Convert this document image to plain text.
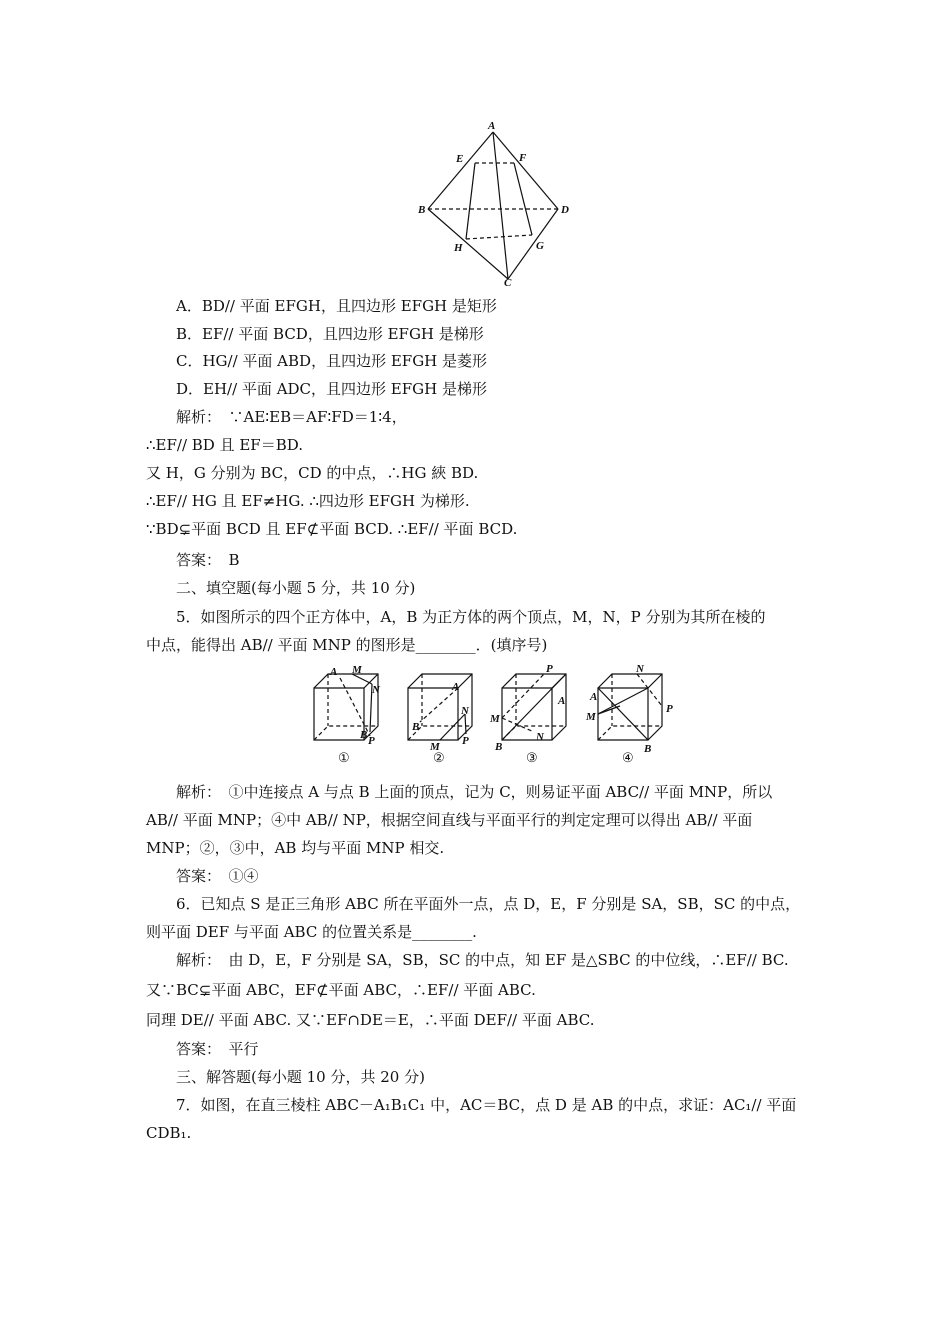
A
E	F
B	D
H	G
C
A．BD// 平面 EFGH，且四边形 EFGH 是矩形
B．EF// 平面 BCD，且四边形 EFGH 是梯形
C．HG// 平面 ABD，且四边形 EFGH 是菱形
D．EH// 平面 ADC，且四边形 EFGH 是梯形
解析：　∵AE∶EB＝AF∶FD＝1∶4，
∴EF// BD 且 EF＝BD.
又 H，G 分别为 BC，CD 的中点，∴HG 綊 BD.
∴EF// HG 且 EF≠HG. ∴四边形 EFGH 为梯形.
∵BD⊊平面 BCD 且 EF⊄平面 BCD. ∴EF// 平面 BCD.
答案：　B
二、填空题(每小题 5 分，共 10 分)
5．如图所示的四个正方体中，A，B 为正方体的两个顶点，M，N，P 分别为其所在棱的
中点，能得出 AB// 平面 MNP 的图形是________．(填序号)
A M
N
P
B
①
A
B
M
N
P
②
P
A
M
N
B
③
A
N
M
P
B
④
解析：　①中连接点 A 与点 B 上面的顶点，记为 C，则易证平面 ABC// 平面 MNP，所以
AB// 平面 MNP；④中 AB// NP，根据空间直线与平面平行的判定定理可以得出 AB// 平面
MNP；②，③中，AB 均与平面 MNP 相交.
答案：　①④
6．已知点 S 是正三角形 ABC 所在平面外一点，点 D，E，F 分别是 SA，SB，SC 的中点，
则平面 DEF 与平面 ABC 的位置关系是________.
解析：　由 D，E，F 分别是 SA，SB，SC 的中点，知 EF 是△SBC 的中位线，∴EF// BC.
又∵BC⊊平面 ABC，EF⊄平面 ABC，∴EF// 平面 ABC.
同理 DE// 平面 ABC. 又∵EF∩DE＝E，∴平面 DEF// 平面 ABC.
答案：　平行
三、解答题(每小题 10 分，共 20 分)
7．如图，在直三棱柱 ABC－A₁B₁C₁ 中，AC＝BC，点 D 是 AB 的中点，求证：AC₁// 平面
CDB₁.
